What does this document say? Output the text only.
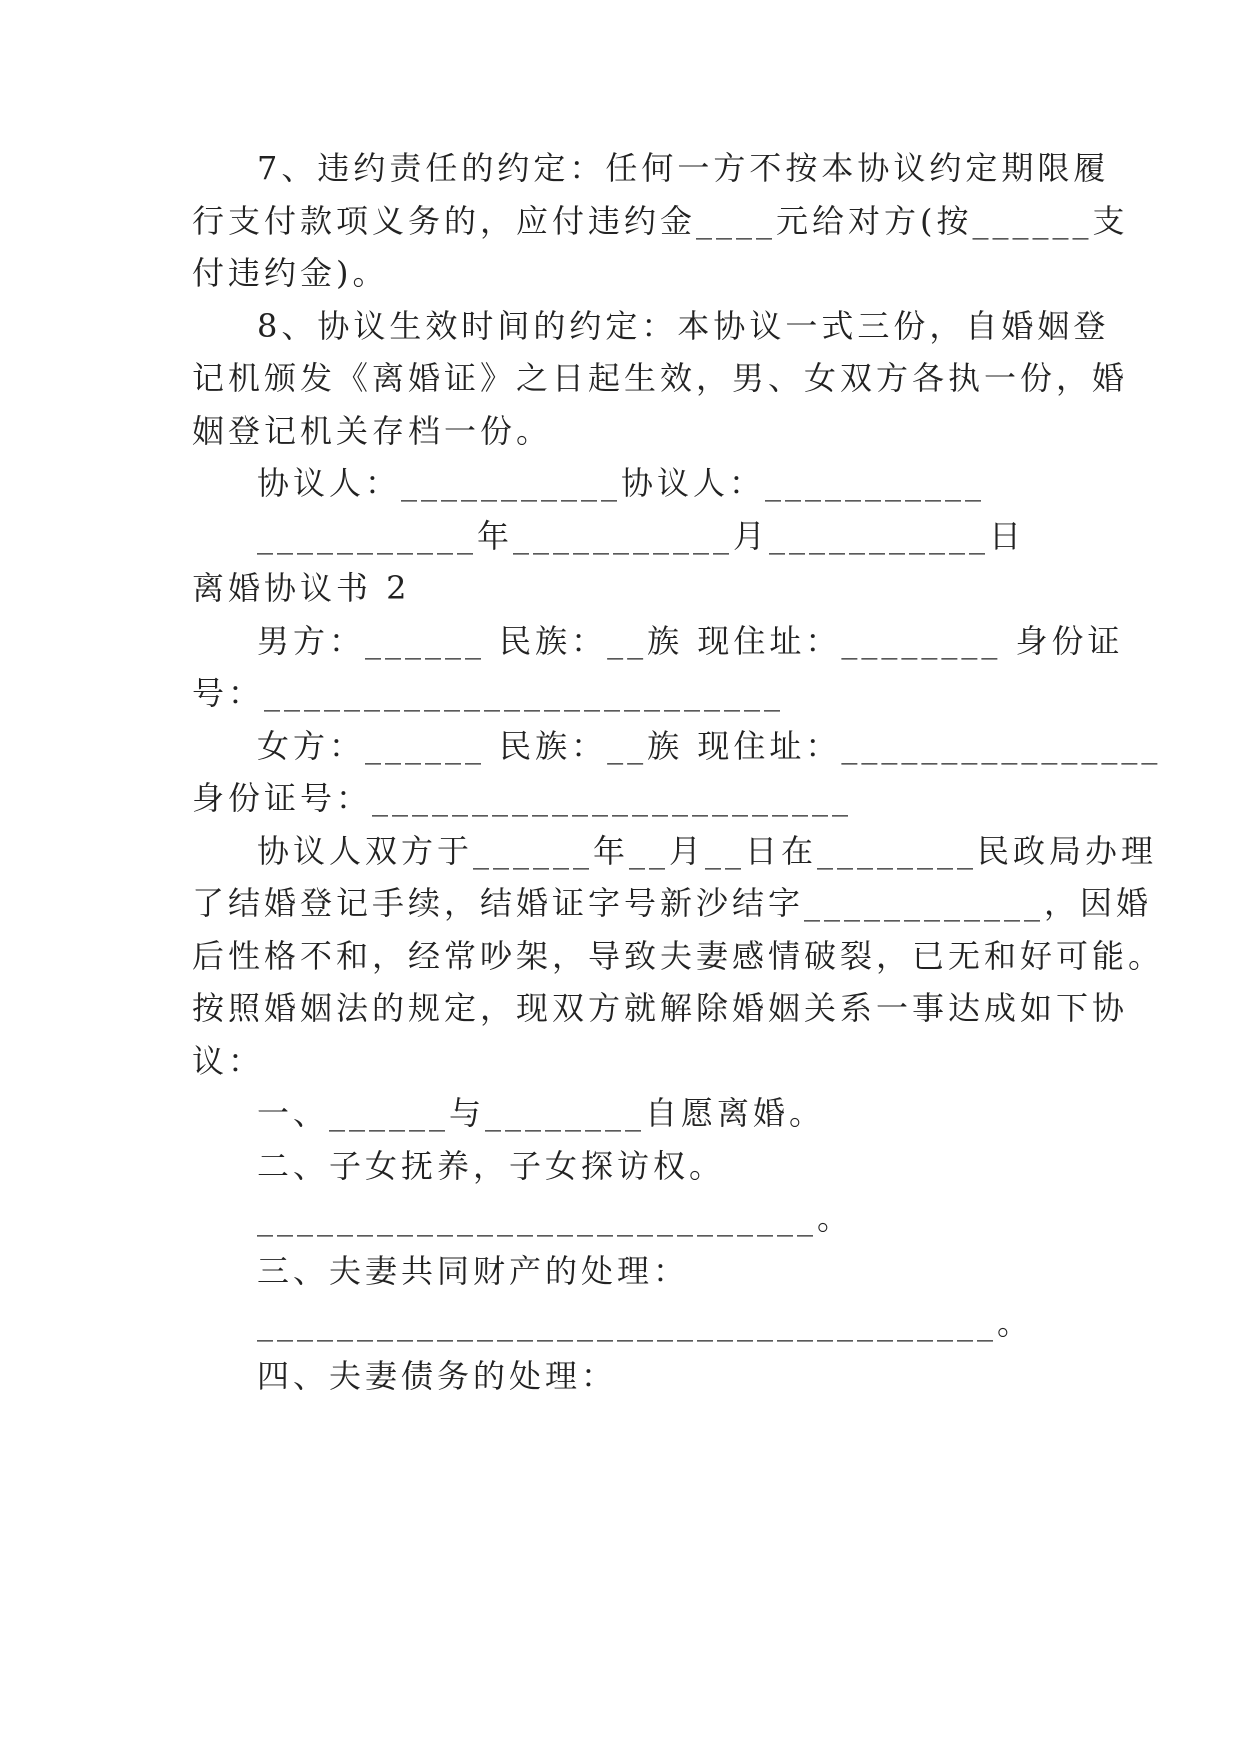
7、违约责任的约定：任何一方不按本协议约定期限履
行支付款项义务的，应付违约金____元给对方(按______支
付违约金)。
8、协议生效时间的约定：本协议一式三份，自婚姻登
记机颁发《离婚证》之日起生效，男、女双方各执一份，婚
姻登记机关存档一份。
协议人：___________协议人：___________
___________年___________月___________日
离婚协议书 2
男方：______ 民族：__族 现住址：________ 身份证
号：__________________________
女方：______ 民族：__族 现住址：________________
身份证号：________________________
协议人双方于______年__月__日在________民政局办理
了结婚登记手续，结婚证字号新沙结字____________，因婚
后性格不和，经常吵架，导致夫妻感情破裂，已无和好可能。
按照婚姻法的规定，现双方就解除婚姻关系一事达成如下协
议：
一、______与________自愿离婚。
二、子女抚养，子女探访权。
____________________________。
三、夫妻共同财产的处理：
_____________________________________。
四、夫妻债务的处理：
